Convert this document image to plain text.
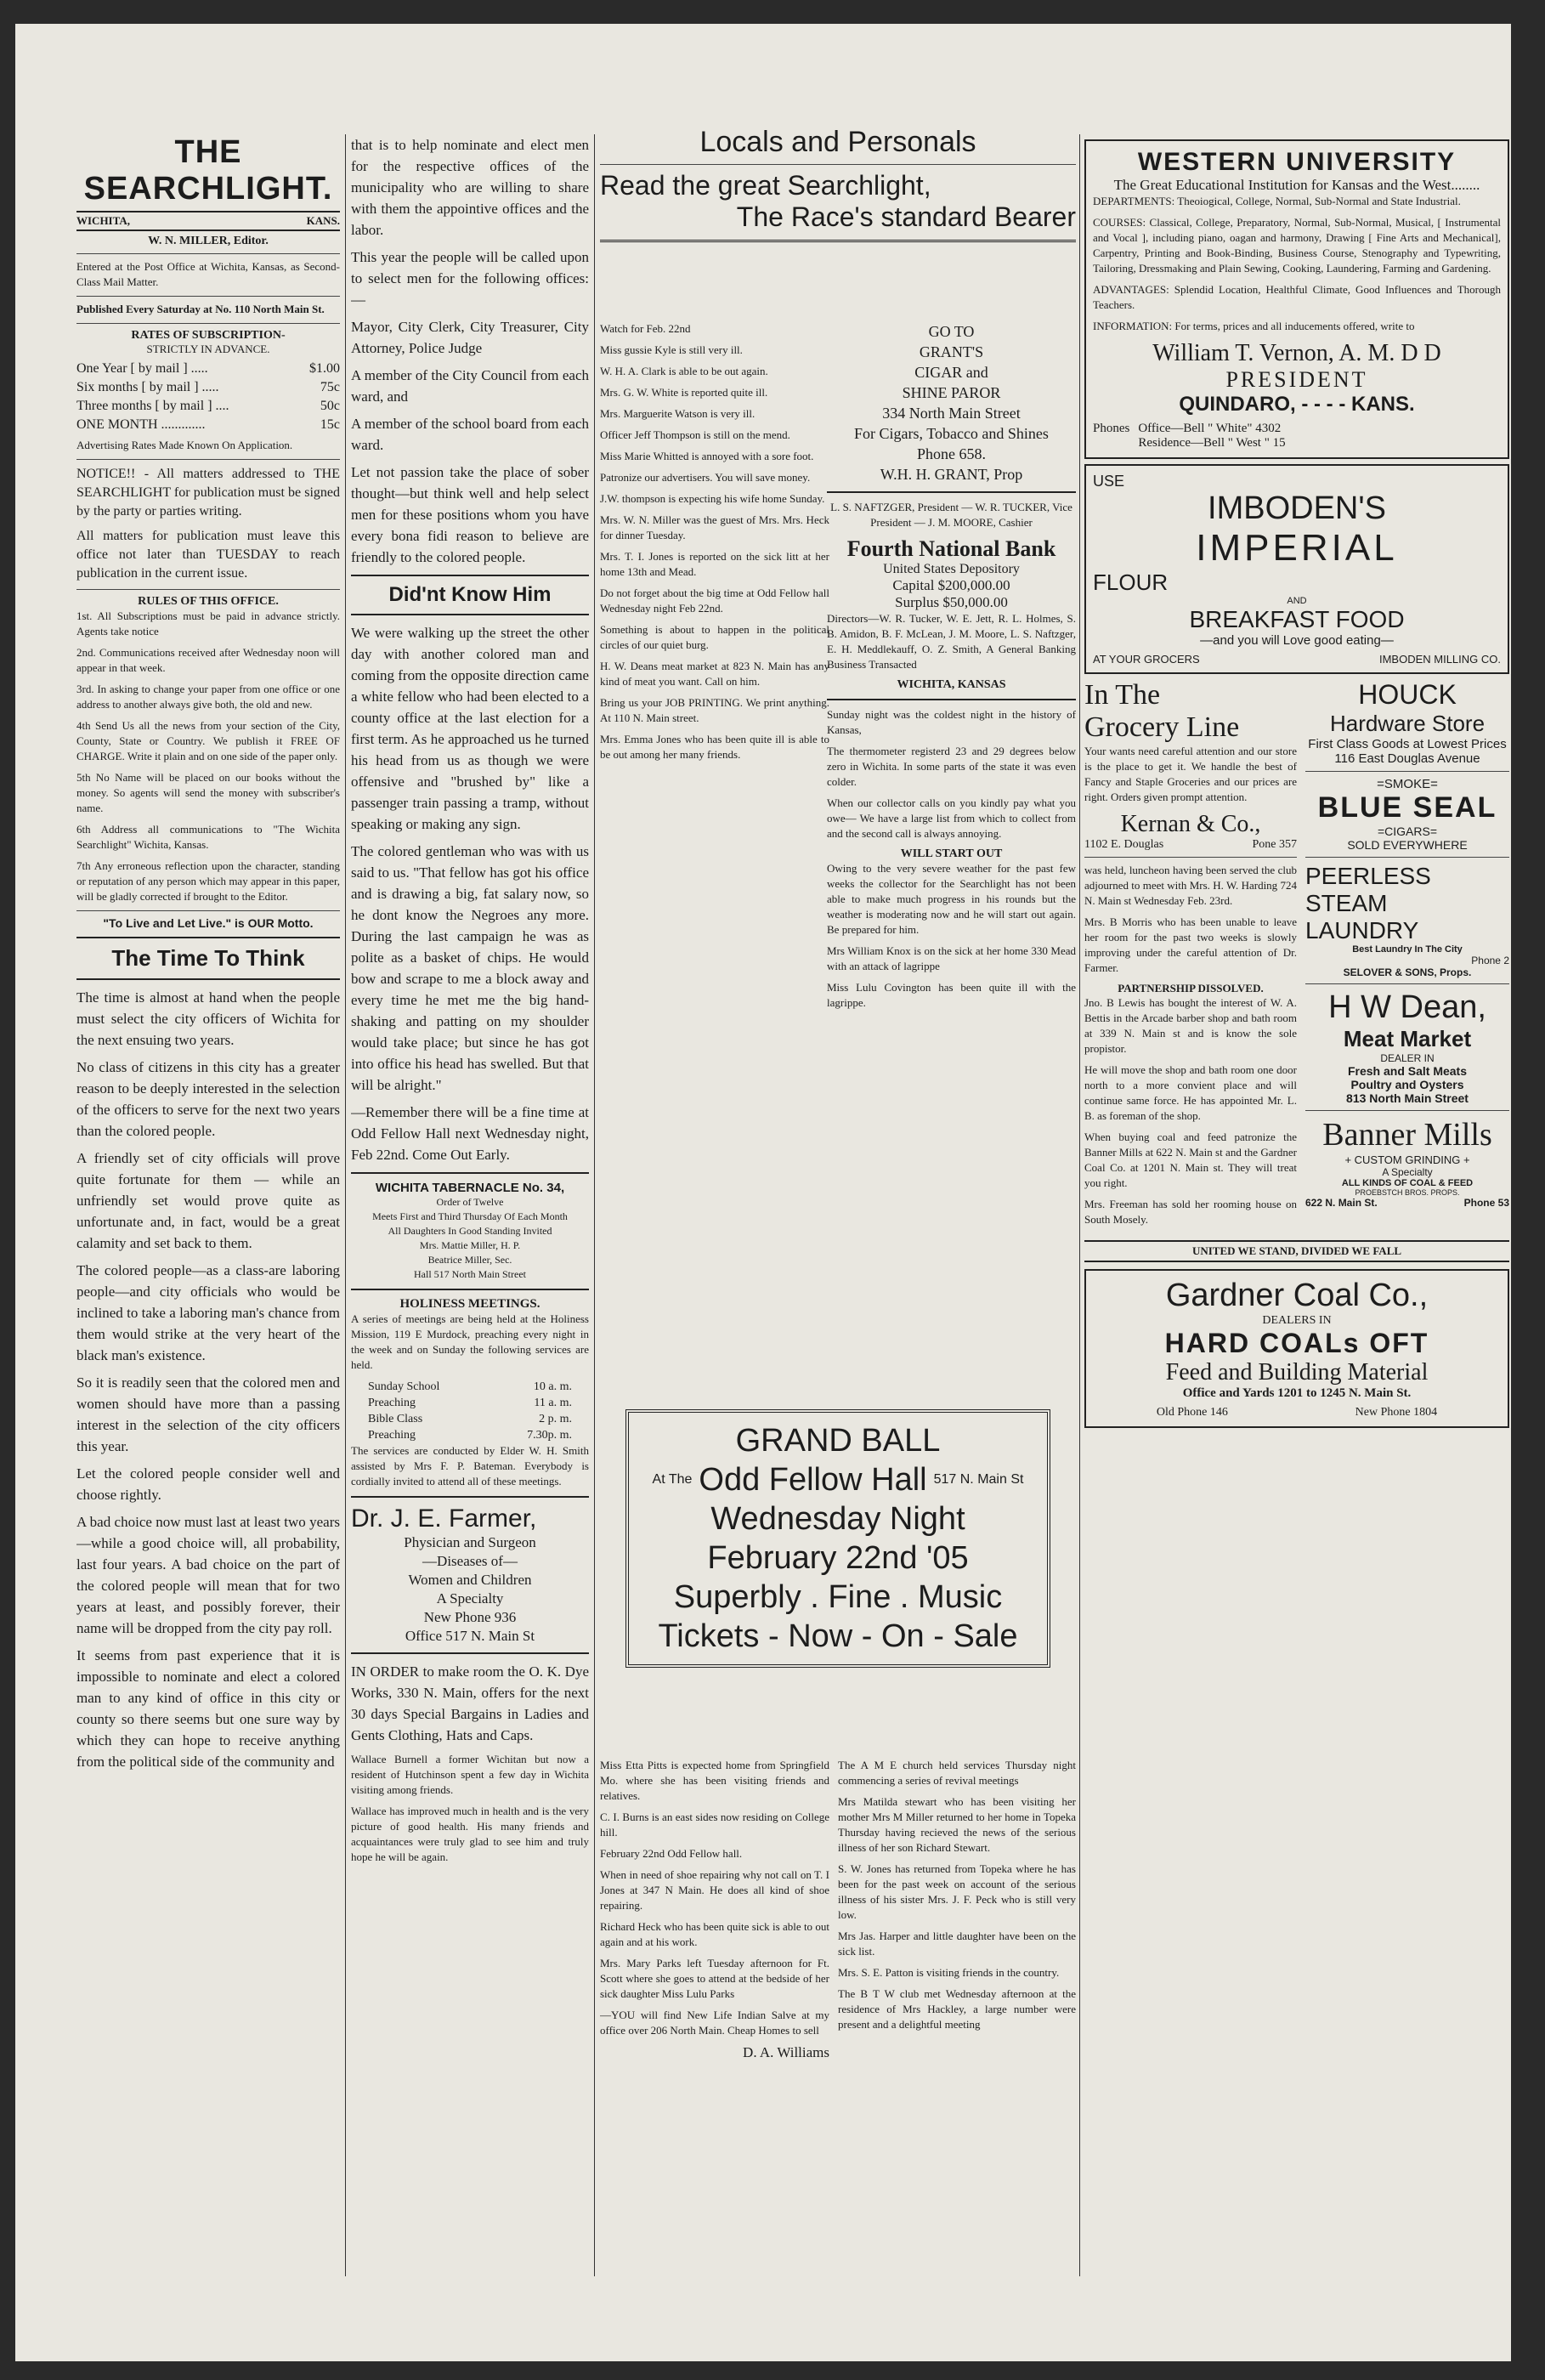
THE SEARCHLIGHT.
WICHITA,	KANS.
W. N. MILLER, Editor.

Entered at the Post Office at Wichita, Kansas, as Second-Class Mail Matter.

Published Every Saturday at No. 110 North Main St.

RATES OF SUBSCRIPTION-
STRICTLY IN ADVANCE.
One Year [ by mail ] .....	$1.00
Six months [ by mail ] .....	75c
Three months [ by mail ] ....	50c
ONE MONTH .............	15c

Advertising Rates Made Known On Application.

NOTICE!! - All matters addressed to THE SEARCHLIGHT for publication must be signed by the party or parties writing.

All matters for publication must leave this office not later than TUESDAY to reach publication in the current issue.

RULES OF THIS OFFICE.

1st. All Subscriptions must be paid in advance strictly. Agents take notice

2nd. Communications received after Wednesday noon will appear in that week.

3rd. In asking to change your paper from one office or one address to another always give both, the old and new.

4th Send Us all the news from your section of the City, County, State or Country. We publish it FREE OF CHARGE. Write it plain and on one side of the paper only.

5th No Name will be placed on our books without the money. So agents will send the money with subscriber's name.

6th Address all communications to "The Wichita Searchlight" Wichita, Kansas.

7th Any erroneous reflection upon the character, standing or reputation of any person which may appear in this paper, will be gladly corrected if brought to the Editor.

"To Live and Let Live." is OUR Motto.
The Time To Think

The time is almost at hand when the people must select the city officers of Wichita for the next ensuing two years.

No class of citizens in this city has a greater reason to be deeply interested in the selection of the officers to serve for the next two years than the colored people.

A friendly set of city officials will prove quite fortunate for them — while an unfriendly set would prove quite as unfortunate and, in fact, would be a great calamity and set back to them.

The colored people—as a class-are laboring people—and city officials who would be inclined to take a laboring man's chance from them would strike at the very heart of the black man's existence.

So it is readily seen that the colored men and women should have more than a passing interest in the selection of the city officers this year.

Let the colored people consider well and choose rightly.

A bad choice now must last at least two years—while a good choice will, all probability, last four years. A bad choice on the part of the colored people will mean that for two years at least, and possibly forever, their name will be dropped from the city pay roll.

It seems from past experience that it is impossible to nominate and elect a colored man to any kind of office in this city or county so there seems but one sure way by which they can hope to receive anything from the political side of the community and

that is to help nominate and elect men for the respective offices of the municipality who are willing to share with them the appointive offices and the labor.

This year the people will be called upon to select men for the following offices:—

Mayor, City Clerk, City Treasurer, City Attorney, Police Judge

A member of the City Council from each ward, and

A member of the school board from each ward.

Let not passion take the place of sober thought—but think well and help select men for these positions whom you have every bona fidi reason to believe are friendly to the colored people.

Did'nt Know Him

We were walking up the street the other day with another colored man and coming from the opposite direction came a white fellow who had been elected to a county office at the last election for a first term. As he approached us he turned his head from us as though we were offensive and "brushed by" like a passenger train passing a tramp, without speaking or making any sign.

The colored gentleman who was with us said to us. "That fellow has got his office and is drawing a big, fat salary now, so he dont know the Negroes any more. During the last campaign he was as polite as a basket of chips. He would bow and scrape to me a block away and every time he met me the big hand-shaking and patting on my shoulder would take place; but since he has got into office his head has swelled. But that will be alright."

—Remember there will be a fine time at Odd Fellow Hall next Wednesday night, Feb 22nd. Come Out Early.

WICHITA TABERNACLE No. 34,
Order of Twelve
Meets First and Third Thursday Of Each Month
All Daughters In Good Standing Invited
Mrs. Mattie Miller, H. P.
Beatrice Miller, Sec.
Hall 517 North Main Street
HOLINESS MEETINGS.

A series of meetings are being held at the Holiness Mission, 119 E Murdock, preaching every night in the week and on Sunday the following services are held.

Sunday School	10 a. m.
Preaching	11 a. m.
Bible Class	2 p. m.
Preaching	7.30p. m.

The services are conducted by Elder W. H. Smith assisted by Mrs F. P. Bateman. Everybody is cordially invited to attend all of these meetings.

Dr. J. E. Farmer,
Physician and Surgeon
—Diseases of—
Women and Children
A Specialty
New Phone 936
Office 517 N. Main St

IN ORDER to make room the O. K. Dye Works, 330 N. Main, offers for the next 30 days Special Bargains in Ladies and Gents Clothing, Hats and Caps.

Wallace Burnell a former Wichitan but now a resident of Hutchinson spent a few day in Wichita visiting among friends.

Wallace has improved much in health and is the very picture of good health. His many friends and acquaintances were truly glad to see him and truly hope he will be again.

Locals and Personals
Read the great Searchlight,
The Race's standard Bearer

Watch for Feb. 22nd

Miss gussie Kyle is still very ill.

W. H. A. Clark is able to be out again.

Mrs. G. W. White is reported quite ill.

Mrs. Marguerite Watson is very ill.

Officer Jeff Thompson is still on the mend.

Miss Marie Whitted is annoyed with a sore foot.

Patronize our advertisers. You will save money.

J.W. thompson is expecting his wife home Sunday.

Mrs. W. N. Miller was the guest of Mrs. Mrs. Heck for dinner Tuesday.

Mrs. T. I. Jones is reported on the sick litt at her home 13th and Mead.

Do not forget about the big time at Odd Fellow hall Wednesday night Feb 22nd.

Something is about to happen in the political circles of our quiet burg.

H. W. Deans meat market at 823 N. Main has any kind of meat you want. Call on him.

Bring us your JOB PRINTING. We print anything. At 110 N. Main street.

Mrs. Emma Jones who has been quite ill is able to be out among her many friends.

GO TO
GRANT'S
CIGAR and
SHINE PAROR
334 North Main Street
For Cigars, Tobacco and Shines
Phone 658.
W.H. H. GRANT, Prop

L. S. NAFTZGER, President — W. R. TUCKER, Vice President — J. M. MOORE, Cashier

Fourth National Bank
United States Depository
Capital $200,000.00
Surplus $50,000.00

Directors—W. R. Tucker, W. E. Jett, R. L. Holmes, S. B. Amidon, B. F. McLean, J. M. Moore, L. S. Naftzger, E. H. Meddlekauff, O. Z. Smith, A General Banking Business Transacted

WICHITA, KANSAS

Sunday night was the coldest night in the history of Kansas,

The thermometer registerd 23 and 29 degrees below zero in Wichita. In some parts of the state it was even colder.

When our collector calls on you kindly pay what you owe— We have a large list from which to collect from and the second call is always annoying.

WILL START OUT

Owing to the very severe weather for the past few weeks the collector for the Searchlight has not been able to make much progress in his rounds but the weather is moderating now and he will start out again. Be prepared for him.

Mrs William Knox is on the sick at her home 330 Mead with an attack of lagrippe

Miss Lulu Covington has been quite ill with the lagrippe.

GRAND BALL
At The Odd Fellow Hall 517 N. Main St
Wednesday Night
February 22nd '05
Superbly . Fine . Music
Tickets - Now - On - Sale

Miss Etta Pitts is expected home from Springfield Mo. where she has been visiting friends and relatives.

C. I. Burns is an east sides now residing on College hill.

February 22nd Odd Fellow hall.

When in need of shoe repairing why not call on T. I Jones at 347 N Main. He does all kind of shoe repairing.

Richard Heck who has been quite sick is able to out again and at his work.

Mrs. Mary Parks left Tuesday afternoon for Ft. Scott where she goes to attend at the bedside of her sick daughter Miss Lulu Parks

—YOU will find New Life Indian Salve at my office over 206 North Main. Cheap Homes to sell

D. A. Williams

The A M E church held services Thursday night commencing a series of revival meetings

Mrs Matilda stewart who has been visiting her mother Mrs M Miller returned to her home in Topeka Thursday having recieved the news of the serious illness of her son Richard Stewart.

S. W. Jones has returned from Topeka where he has been for the past week on account of the serious illness of his sister Mrs. J. F. Peck who is still very low.

Mrs Jas. Harper and little daughter have been on the sick list.

Mrs. S. E. Patton is visiting friends in the country.

The B T W club met Wednesday afternoon at the residence of Mrs Hackley, a large number were present and a delightful meeting

WESTERN UNIVERSITY
The Great Educational Institution for Kansas and the West........

DEPARTMENTS: Theoiogical, College, Normal, Sub-Normal and State Industrial.

COURSES: Classical, College, Preparatory, Normal, Sub-Normal, Musical, [ Instrumental and Vocal ], including piano, oagan and harmony, Drawing [ Fine Arts and Mechanical], Carpentry, Printing and Book-Binding, Business Course, Stenography and Typewriting, Tailoring, Dressmaking and Plain Sewing, Cooking, Laundering, Farming and Gardening.

ADVANTAGES: Splendid Location, Healthful Climate, Good Influences and Thorough Teachers.

INFORMATION: For terms, prices and all inducements offered, write to

William T. Vernon, A. M. D D
PRESIDENT
QUINDARO, - - - - KANS.
Phones Office—Bell " White" 4302
Residence—Bell " West " 15
USE
IMBODEN'S
IMPERIAL
FLOUR
AND
BREAKFAST FOOD
—and you will Love good eating—
AT YOUR GROCERS	IMBODEN MILLING CO.
In The
Grocery Line

Your wants need careful attention and our store is the place to get it. We handle the best of Fancy and Staple Groceries and our prices are right. Orders given prompt attention.

Kernan & Co.,
1102 E. Douglas	Pone 357

was held, luncheon having been served the club adjourned to meet with Mrs. H. W. Harding 724 N. Main st Wednesday Feb. 23rd.

Mrs. B Morris who has been unable to leave her room for the past two weeks is slowly improving under the careful attention of Dr. Farmer.

PARTNERSHIP DISSOLVED.

Jno. B Lewis has bought the interest of W. A. Bettis in the Arcade barber shop and bath room at 339 N. Main st and is know the sole propistor.

He will move the shop and bath room one door north to a more convient place and will continue same force. He has appointed Mr. L. B. as foreman of the shop.

When buying coal and feed patronize the Banner Mills at 622 N. Main st and the Gardner Coal Co. at 1201 N. Main st. They will treat you right.

Mrs. Freeman has sold her rooming house on South Mosely.

HOUCK
Hardware Store
First Class Goods at Lowest Prices
116 East Douglas Avenue
=SMOKE=
BLUE SEAL
=CIGARS=
SOLD EVERYWHERE
PEERLESS
STEAM
LAUNDRY
Best Laundry In The City
Phone 2
SELOVER & SONS, Props.
H W Dean,
Meat Market
DEALER IN
Fresh and Salt Meats
Poultry and Oysters
813 North Main Street
Banner Mills
+ CUSTOM GRINDING +
A Specialty
ALL KINDS OF COAL & FEED
PROEBSTCH BROS. PROPS.
622 N. Main St.	Phone 53
UNITED WE STAND, DIVIDED WE FALL
Gardner Coal Co.,
DEALERS IN
HARD COALs OFT
Feed and Building Material
Office and Yards 1201 to 1245 N. Main St.
Old Phone 146	New Phone 1804
